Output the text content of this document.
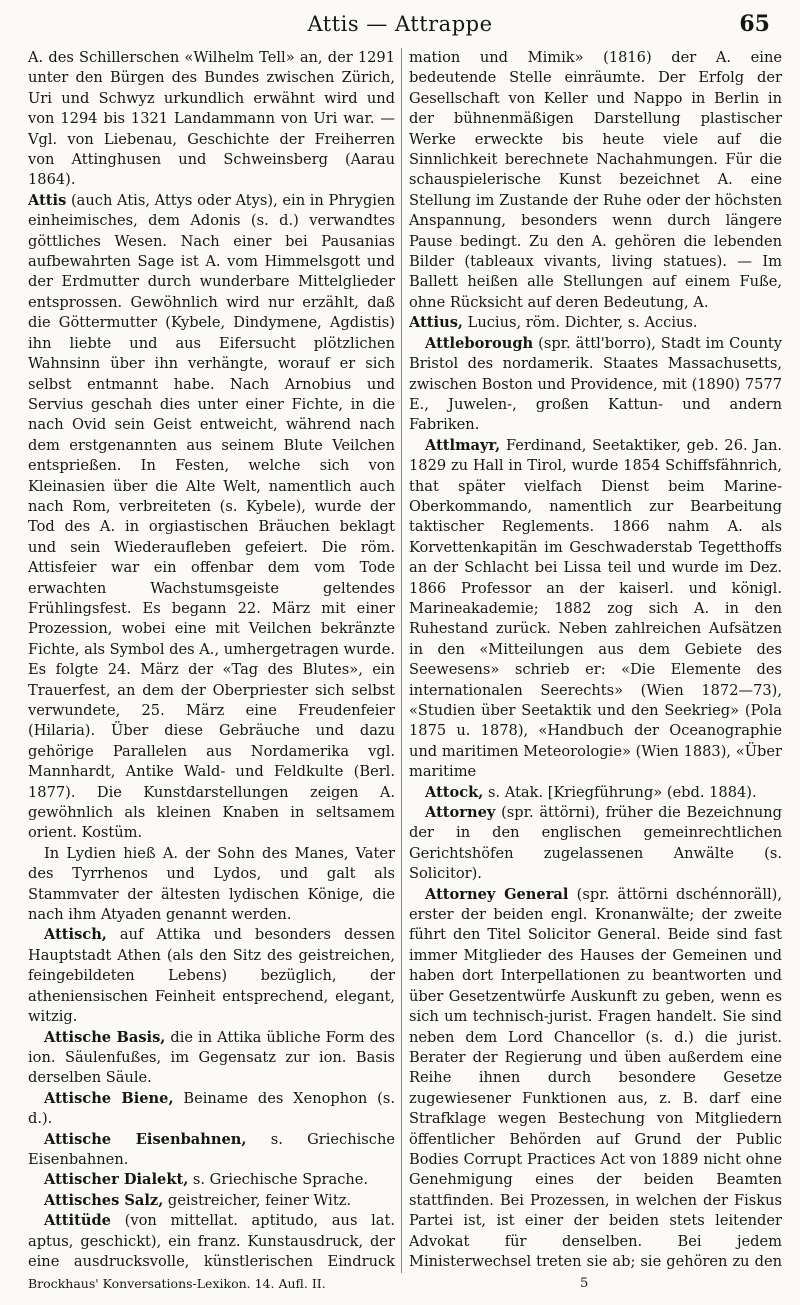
Attis — Attrappe	65

A. des Schillerschen «Wilhelm Tell» an, der 1291 unter den Bürgen des Bundes zwischen Zürich, Uri und Schwyz urkundlich erwähnt wird und von 1294 bis 1321 Landammann von Uri war. — Vgl. von Liebenau, Geschichte der Freiherren von Attinghusen und Schweinsberg (Aarau 1864).

Attis (auch Atis, Attys oder Atys), ein in Phrygien einheimisches, dem Adonis (s. d.) verwandtes göttliches Wesen. Nach einer bei Pausanias aufbewahrten Sage ist A. vom Himmelsgott und der Erdmutter durch wunderbare Mittelglieder entsprossen. Gewöhnlich wird nur erzählt, daß die Göttermutter (Kybele, Dindymene, Agdistis) ihn liebte und aus Eifersucht plötzlichen Wahnsinn über ihn verhängte, worauf er sich selbst entmannt habe. Nach Arnobius und Servius geschah dies unter einer Fichte, in die nach Ovid sein Geist entweicht, während nach dem erstgenannten aus seinem Blute Veilchen entsprießen. In Festen, welche sich von Kleinasien über die Alte Welt, namentlich auch nach Rom, verbreiteten (s. Kybele), wurde der Tod des A. in orgiastischen Bräuchen beklagt und sein Wiederaufleben gefeiert. Die röm. Attisfeier war ein offenbar dem vom Tode erwachten Wachstumsgeiste geltendes Frühlingsfest. Es begann 22. März mit einer Prozession, wobei eine mit Veilchen bekränzte Fichte, als Symbol des A., umhergetragen wurde. Es folgte 24. März der «Tag des Blutes», ein Trauerfest, an dem der Oberpriester sich selbst verwundete, 25. März eine Freudenfeier (Hilaria). Über diese Gebräuche und dazu gehörige Parallelen aus Nordamerika vgl. Mannhardt, Antike Wald- und Feldkulte (Berl. 1877). Die Kunstdarstellungen zeigen A. gewöhnlich als kleinen Knaben in seltsamem orient. Kostüm.

In Lydien hieß A. der Sohn des Manes, Vater des Tyrrhenos und Lydos, und galt als Stammvater der ältesten lydischen Könige, die nach ihm Atyaden genannt werden.

Attisch, auf Attika und besonders dessen Hauptstadt Athen (als den Sitz des geistreichen, feingebildeten Lebens) bezüglich, der atheniensischen Feinheit entsprechend, elegant, witzig.

Attische Basis, die in Attika übliche Form des ion. Säulenfußes, im Gegensatz zur ion. Basis derselben Säule.

Attische Biene, Beiname des Xenophon (s. d.).

Attische Eisenbahnen, s. Griechische Eisenbahnen.

Attischer Dialekt, s. Griechische Sprache.

Attisches Salz, geistreicher, feiner Witz.

Attitüde (von mittellat. aptitudo, aus lat. aptus, geschickt), ein franz. Kunstausdruck, der eine ausdrucksvolle, künstlerischen Eindruck

mation und Mimik» (1816) der A. eine bedeutende Stelle einräumte. Der Erfolg der Gesellschaft von Keller und Nappo in Berlin in der bühnenmäßigen Darstellung plastischer Werke erweckte bis heute viele auf die Sinnlichkeit berechnete Nachahmungen. Für die schauspielerische Kunst bezeichnet A. eine Stellung im Zustande der Ruhe oder der höchsten Anspannung, besonders wenn durch längere Pause bedingt. Zu den A. gehören die lebenden Bilder (tableaux vivants, living statues). — Im Ballett heißen alle Stellungen auf einem Fuße, ohne Rücksicht auf deren Bedeutung, A.

Attius, Lucius, röm. Dichter, s. Accius.

Attleborough (spr. ättl'borro), Stadt im County Bristol des nordamerik. Staates Massachusetts, zwischen Boston und Providence, mit (1890) 7577 E., Juwelen-, großen Kattun- und andern Fabriken.

Attlmayr, Ferdinand, Seetaktiker, geb. 26. Jan. 1829 zu Hall in Tirol, wurde 1854 Schiffsfähnrich, that später vielfach Dienst beim Marine-Oberkommando, namentlich zur Bearbeitung taktischer Reglements. 1866 nahm A. als Korvettenkapitän im Geschwaderstab Tegetthoffs an der Schlacht bei Lissa teil und wurde im Dez. 1866 Professor an der kaiserl. und königl. Marineakademie; 1882 zog sich A. in den Ruhestand zurück. Neben zahlreichen Aufsätzen in den «Mitteilungen aus dem Gebiete des Seewesens» schrieb er: «Die Elemente des internationalen Seerechts» (Wien 1872—73), «Studien über Seetaktik und den Seekrieg» (Pola 1875 u. 1878), «Handbuch der Oceanographie und maritimen Meteorologie» (Wien 1883), «Über maritime

Attock, s. Atak. [Kriegführung» (ebd. 1884).

Attorney (spr. ättörni), früher die Bezeichnung der in den englischen gemeinrechtlichen Gerichtshöfen zugelassenen Anwälte (s. Solicitor).

Attorney General (spr. ättörni dschénnoräll), erster der beiden engl. Kronanwälte; der zweite führt den Titel Solicitor General. Beide sind fast immer Mitglieder des Hauses der Gemeinen und haben dort Interpellationen zu beantworten und über Gesetzentwürfe Auskunft zu geben, wenn es sich um technisch-jurist. Fragen handelt. Sie sind neben dem Lord Chancellor (s. d.) die jurist. Berater der Regierung und üben außerdem eine Reihe ihnen durch besondere Gesetze zugewiesener Funktionen aus, z. B. darf eine Strafklage wegen Bestechung von Mitgliedern öffentlicher Behörden auf Grund der Public Bodies Corrupt Practices Act von 1889 nicht ohne Genehmigung eines der beiden Beamten stattfinden. Bei Prozessen, in welchen der Fiskus Partei ist, ist einer der beiden stets leitender Advokat für denselben. Bei jedem Ministerwechsel treten sie ab; sie gehören zu den

Brockhaus' Konversations-Lexikon. 14. Aufl. II.	5
